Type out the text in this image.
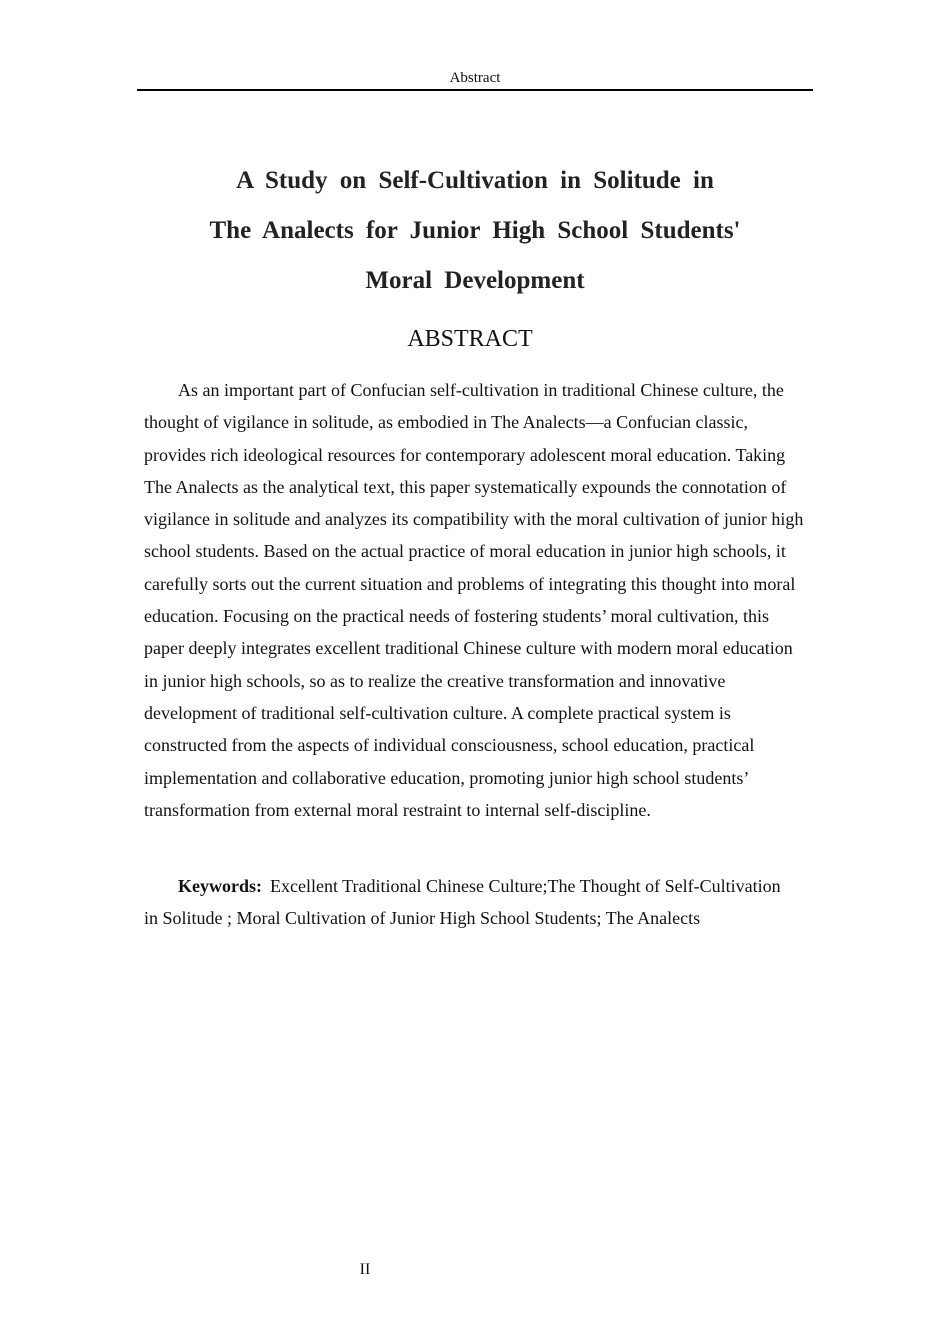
Abstract
A Study on Self-Cultivation in Solitude in
The Analects for Junior High School Students'
Moral Development
ABSTRACT

As an important part of Confucian self-cultivation in traditional Chinese culture, the thought of vigilance in solitude, as embodied in The Analects—a Confucian classic, provides rich ideological resources for contemporary adolescent moral education. Taking The Analects as the analytical text, this paper systematically expounds the connotation of vigilance in solitude and analyzes its compatibility with the moral cultivation of junior high school students. Based on the actual practice of moral education in junior high schools, it carefully sorts out the current situation and problems of integrating this thought into moral education. Focusing on the practical needs of fostering students’ moral cultivation, this paper deeply integrates excellent traditional Chinese culture with modern moral education in junior high schools, so as to realize the creative transformation and innovative development of traditional self-cultivation culture. A complete practical system is constructed from the aspects of individual consciousness, school education, practical implementation and collaborative education, promoting junior high school students’ transformation from external moral restraint to internal self-discipline.

Keywords: Excellent Traditional Chinese Culture;The Thought of Self-Cultivation in Solitude ; Moral Cultivation of Junior High School Students; The Analects

II
